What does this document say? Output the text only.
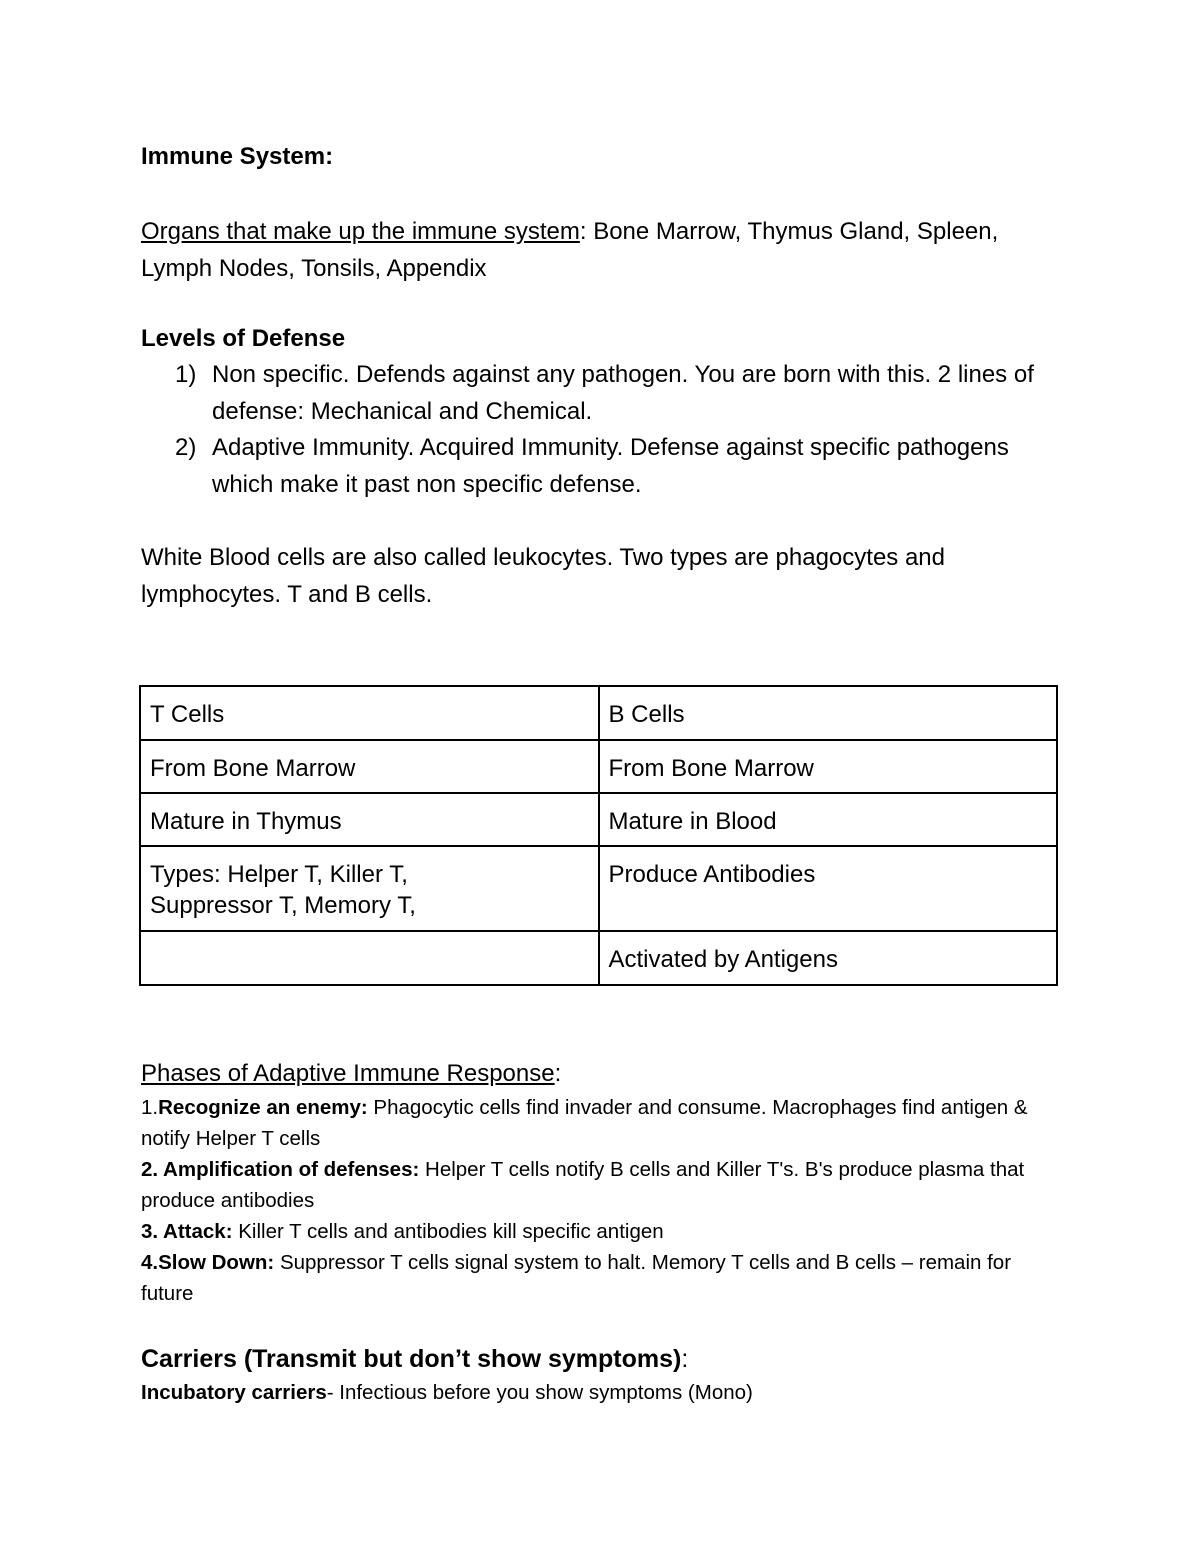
Immune System:
Organs that make up the immune system: Bone Marrow, Thymus Gland, Spleen, Lymph Nodes, Tonsils, Appendix
Levels of Defense
1) Non specific. Defends against any pathogen. You are born with this. 2 lines of defense: Mechanical and Chemical.
2) Adaptive Immunity. Acquired Immunity. Defense against specific pathogens which make it past non specific defense.
White Blood cells are also called leukocytes. Two types are phagocytes and lymphocytes. T and B cells.
T Cells	B Cells
From Bone Marrow	From Bone Marrow
Mature in Thymus	Mature in Blood
Types: Helper T, Killer T,
Suppressor T, Memory T,	Produce Antibodies
	Activated by Antigens
Phases of Adaptive Immune Response:
1.Recognize an enemy: Phagocytic cells find invader and consume. Macrophages find antigen & notify Helper T cells
2. Amplification of defenses: Helper T cells notify B cells and Killer T's. B's produce plasma that produce antibodies
3. Attack: Killer T cells and antibodies kill specific antigen
4.Slow Down: Suppressor T cells signal system to halt. Memory T cells and B cells – remain for future
Carriers (Transmit but don’t show symptoms):
Incubatory carriers- Infectious before you show symptoms (Mono)
